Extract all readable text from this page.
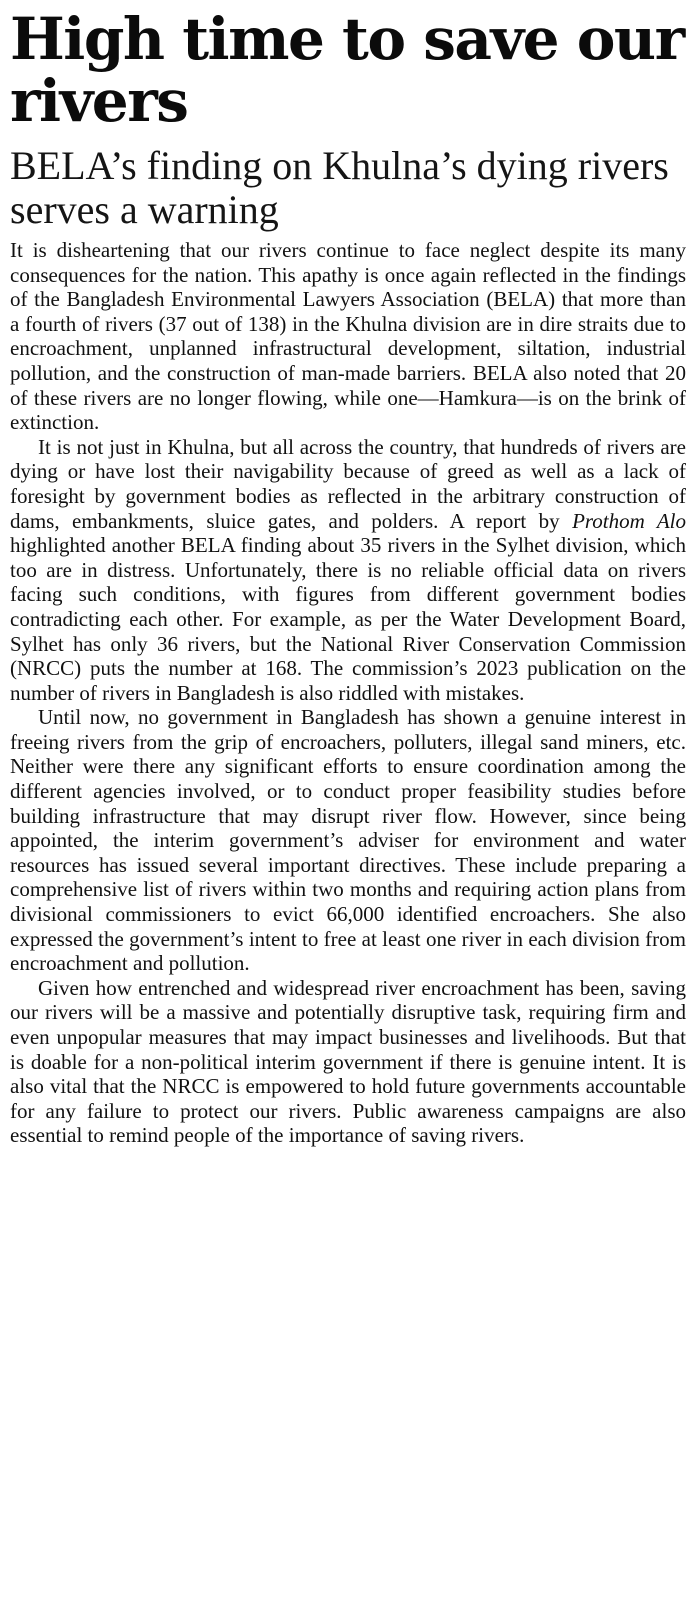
High time to save our rivers
BELA’s finding on Khulna’s dying rivers serves a warning

It is disheartening that our rivers continue to face neglect despite its many consequences for the nation. This apathy is once again reflected in the findings of the Bangladesh Environmental Lawyers Association (BELA) that more than a fourth of rivers (37 out of 138) in the Khulna division are in dire straits due to encroachment, unplanned infrastructural development, siltation, industrial pollution, and the construction of man-made barriers. BELA also noted that 20 of these rivers are no longer flowing, while one—Hamkura—is on the brink of extinction.

It is not just in Khulna, but all across the country, that hundreds of rivers are dying or have lost their navigability because of greed as well as a lack of foresight by government bodies as reflected in the arbitrary construction of dams, embankments, sluice gates, and polders. A report by Prothom Alo highlighted another BELA finding about 35 rivers in the Sylhet division, which too are in distress. Unfortunately, there is no reliable official data on rivers facing such conditions, with figures from different government bodies contradicting each other. For example, as per the Water Development Board, Sylhet has only 36 rivers, but the National River Conservation Commission (NRCC) puts the number at 168. The commission’s 2023 publication on the number of rivers in Bangladesh is also riddled with mistakes.

Until now, no government in Bangladesh has shown a genuine interest in freeing rivers from the grip of encroachers, polluters, illegal sand miners, etc. Neither were there any significant efforts to ensure coordination among the different agencies involved, or to conduct proper feasibility studies before building infrastructure that may disrupt river flow. However, since being appointed, the interim government’s adviser for environment and water resources has issued several important directives. These include preparing a comprehensive list of rivers within two months and requiring action plans from divisional commissioners to evict 66,000 identified encroachers. She also expressed the government’s intent to free at least one river in each division from encroachment and pollution.

Given how entrenched and widespread river encroachment has been, saving our rivers will be a massive and potentially disruptive task, requiring firm and even unpopular measures that may impact businesses and livelihoods. But that is doable for a non-political interim government if there is genuine intent. It is also vital that the NRCC is empowered to hold future governments accountable for any failure to protect our rivers. Public awareness campaigns are also essential to remind people of the importance of saving rivers.
